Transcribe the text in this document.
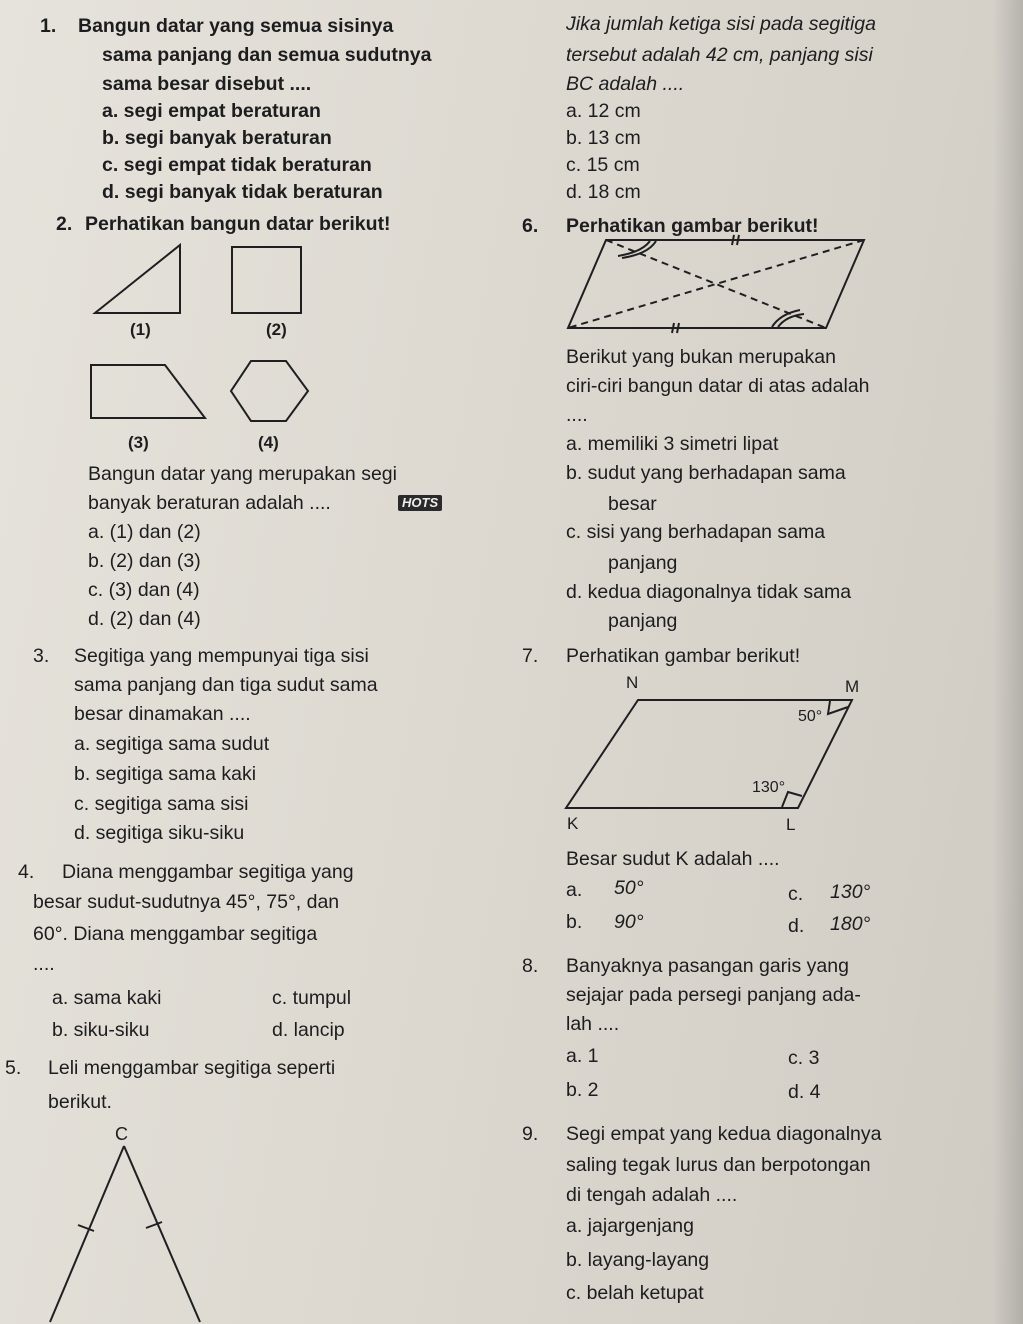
1. Bangun datar yang semua sisinya
sama panjang dan semua sudutnya
sama besar disebut ....
a. segi empat beraturan
b. segi banyak beraturan
c. segi empat tidak beraturan
d. segi banyak tidak beraturan
2. Perhatikan bangun datar berikut!
(1)	(2)
(3)	(4)
Bangun datar yang merupakan segi
banyak beraturan adalah ....	HOTS
a. (1) dan (2)
b. (2) dan (3)
c. (3) dan (4)
d. (2) dan (4)
3. Segitiga yang mempunyai tiga sisi
sama panjang dan tiga sudut sama
besar dinamakan ....
a. segitiga sama sudut
b. segitiga sama kaki
c. segitiga sama sisi
d. segitiga siku-siku
4. Diana menggambar segitiga yang
besar sudut-sudutnya 45°, 75°, dan
60°. Diana menggambar segitiga
....
a. sama kaki	c. tumpul
b. siku-siku	d. lancip
5. Leli menggambar segitiga seperti
berikut.
C
Jika jumlah ketiga sisi pada segitiga
tersebut adalah 42 cm, panjang sisi
BC adalah ....
a. 12 cm
b. 13 cm
c. 15 cm
d. 18 cm
6. Perhatikan gambar berikut!
Berikut yang bukan merupakan
ciri-ciri bangun datar di atas adalah
....
a. memiliki 3 simetri lipat
b. sudut yang berhadapan sama
besar
c. sisi yang berhadapan sama
panjang
d. kedua diagonalnya tidak sama
panjang
7. Perhatikan gambar berikut!
N	M
50°
130°
K	L
Besar sudut K adalah ....
a. 50°	c. 130°
b. 90°	d. 180°
8. Banyaknya pasangan garis yang
sejajar pada persegi panjang ada-
lah ....
a. 1	c. 3
b. 2	d. 4
9. Segi empat yang kedua diagonalnya
saling tegak lurus dan berpotongan
di tengah adalah ....
a. jajargenjang
b. layang-layang
c. belah ketupat
